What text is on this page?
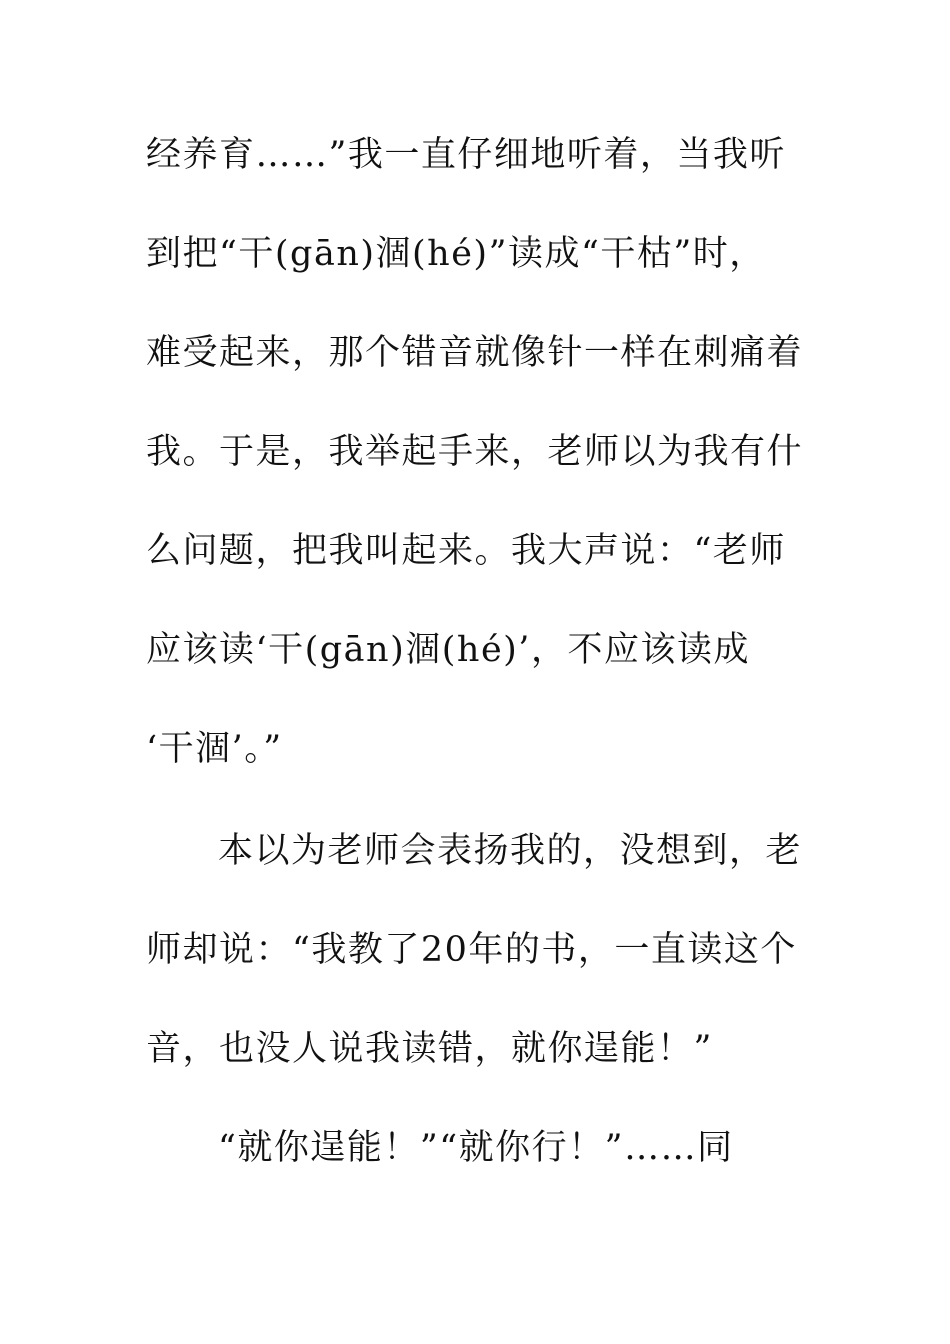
经养育……”我一直仔细地听着，当我听
到把“干(gān)涸(hé)”读成“干枯”时，
难受起来，那个错音就像针一样在刺痛着
我。于是，我举起手来，老师以为我有什
么问题，把我叫起来。我大声说：“老师
应该读‘干(gān)涸(hé)’，不应该读成
‘干涸’。”
本以为老师会表扬我的，没想到，老
师却说：“我教了20年的书，一直读这个
音，也没人说我读错，就你逞能！”
“就你逞能！”“就你行！”……同
